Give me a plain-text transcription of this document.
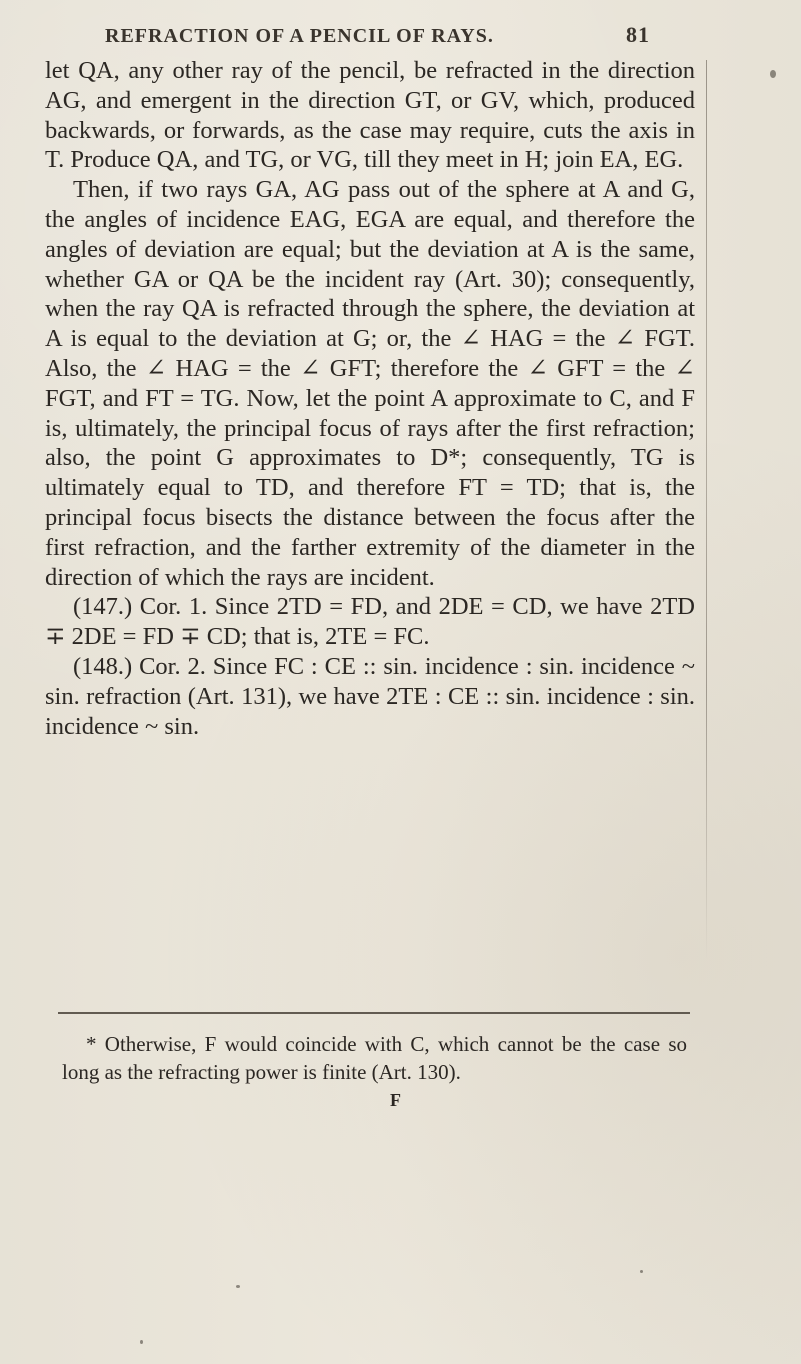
REFRACTION OF A PENCIL OF RAYS.	81

let QA, any other ray of the pencil, be refracted in the direction AG, and emergent in the direction GT, or GV, which, produced backwards, or forwards, as the case may require, cuts the axis in T. Produce QA, and TG, or VG, till they meet in H; join EA, EG.

Then, if two rays GA, AG pass out of the sphere at A and G, the angles of incidence EAG, EGA are equal, and therefore the angles of deviation are equal; but the deviation at A is the same, whether GA or QA be the incident ray (Art. 30); consequently, when the ray QA is refracted through the sphere, the deviation at A is equal to the deviation at G; or, the ∠ HAG = the ∠ FGT. Also, the ∠ HAG = the ∠ GFT; therefore the ∠ GFT = the ∠ FGT, and FT = TG. Now, let the point A approximate to C, and F is, ultimately, the principal focus of rays after the first refraction; also, the point G approximates to D*; consequently, TG is ultimately equal to TD, and therefore FT = TD; that is, the principal focus bisects the distance between the focus after the first refraction, and the farther extremity of the diameter in the direction of which the rays are incident.

(147.) Cor. 1. Since 2TD = FD, and 2DE = CD, we have 2TD ∓ 2DE = FD ∓ CD; that is, 2TE = FC.

(148.) Cor. 2. Since FC : CE :: sin. incidence : sin. incidence ~ sin. refraction (Art. 131), we have 2TE : CE :: sin. incidence : sin. incidence ~ sin.

* Otherwise, F would coincide with C, which cannot be the case so long as the refracting power is finite (Art. 130).
F
